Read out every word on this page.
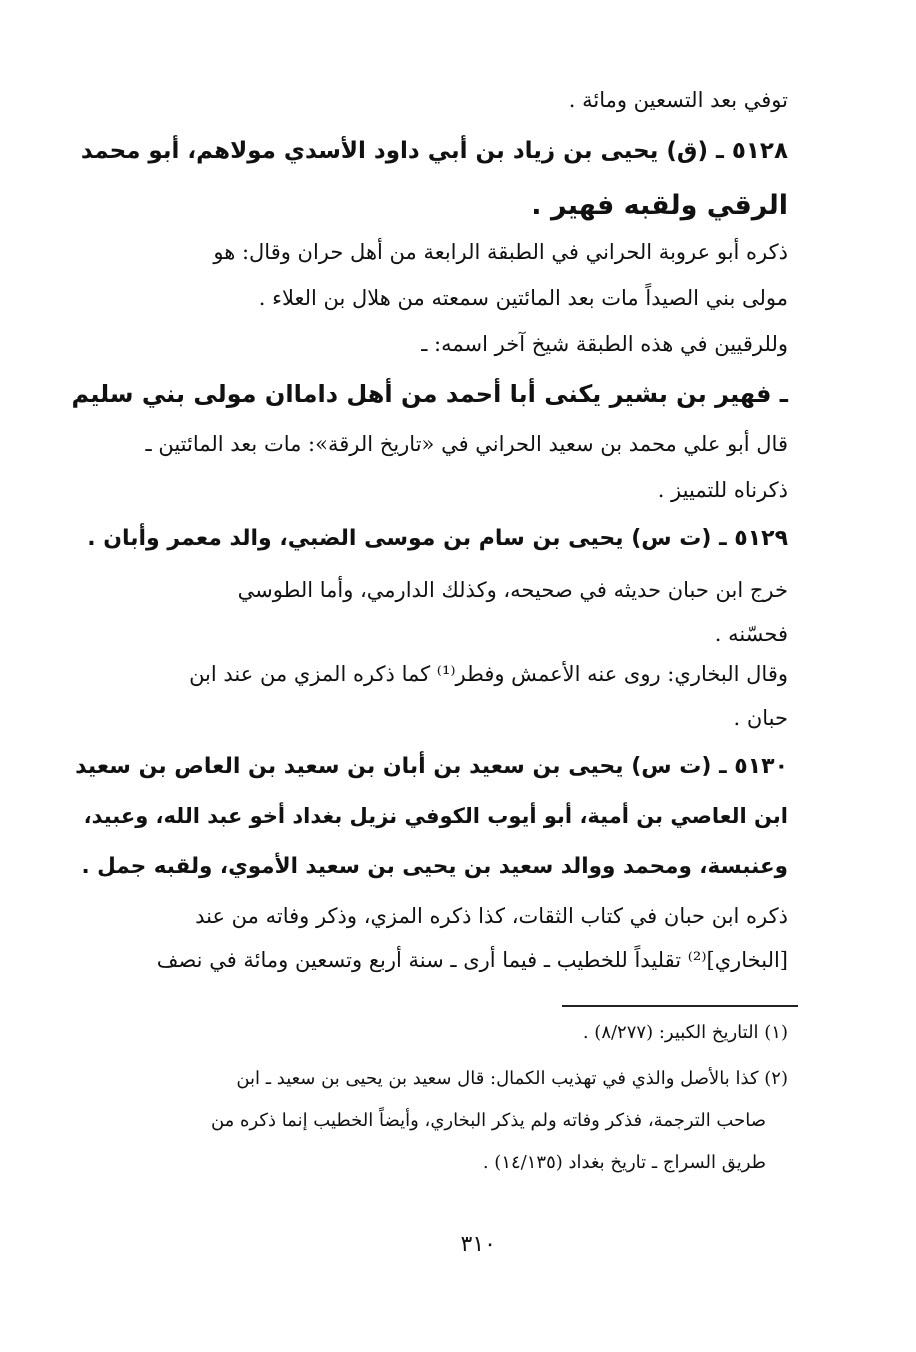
توفي بعد التسعين ومائة .
٥١٢٨ ـ (ق) يحيى بن زياد بن أبي داود الأسدي مولاهم، أبو محمد
الرقي ولقبه فهير .
ذكره أبو عروبة الحراني في الطبقة الرابعة من أهل حران وقال: هو
مولى بني الصيداً مات بعد المائتين سمعته من هلال بن العلاء .
وللرقيين في هذه الطبقة شيخ آخر اسمه: ـ
ـ فهير بن بشير يكنى أبا أحمد من أهل داماان مولى بني سليم
قال أبو علي محمد بن سعيد الحراني في «تاريخ الرقة»: مات بعد المائتين ـ
ذكرناه للتمييز .
٥١٢٩ ـ (ت س) يحيى بن سام بن موسى الضبي، والد معمر وأبان .
خرج ابن حبان حديثه في صحيحه، وكذلك الدارمي، وأما الطوسي
فحسّنه .
وقال البخاري: روى عنه الأعمش وفطر⁽¹⁾ كما ذكره المزي من عند ابن
حبان .
٥١٣٠ ـ (ت س) يحيى بن سعيد بن أبان بن سعيد بن العاص بن سعيد
ابن العاصي بن أمية، أبو أيوب الكوفي نزيل بغداد أخو عبد الله، وعبيد،
وعنبسة، ومحمد ووالد سعيد بن يحيى بن سعيد الأموي، ولقبه جمل .
ذكره ابن حبان في كتاب الثقات، كذا ذكره المزي، وذكر وفاته من عند
[البخاري]⁽²⁾ تقليداً للخطيب ـ فيما أرى ـ سنة أربع وتسعين ومائة في نصف
(١) التاريخ الكبير: (٨/٢٧٧) .
(٢) كذا بالأصل والذي في تهذيب الكمال: قال سعيد بن يحيى بن سعيد ـ ابن
صاحب الترجمة، فذكر وفاته ولم يذكر البخاري، وأيضاً الخطيب إنما ذكره من
طريق السراج ـ تاريخ بغداد (١٤/١٣٥) .
٣١٠
